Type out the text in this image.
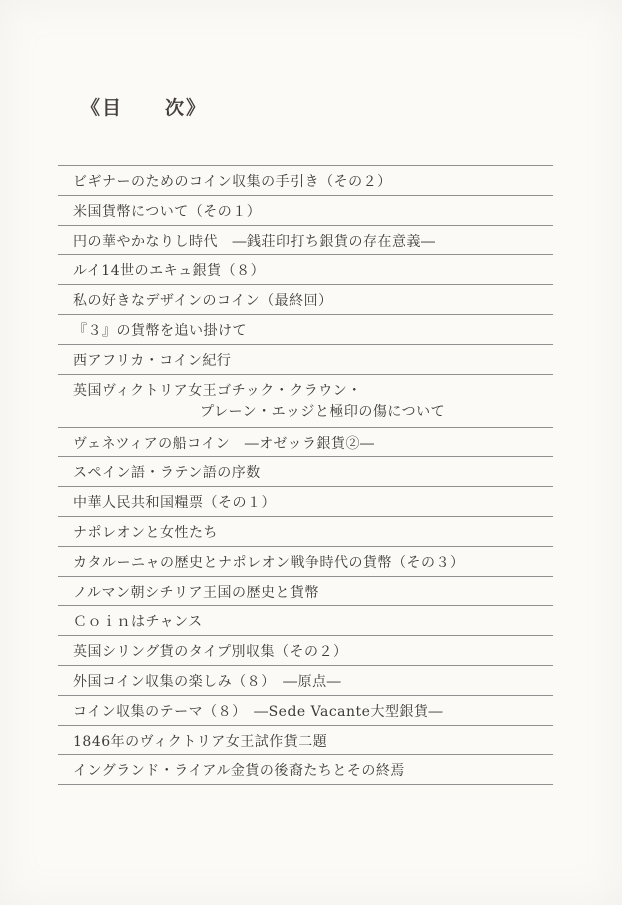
《目　　次》
ビギナーのためのコイン収集の手引き（その２）
米国貨幣について（その１）
円の華やかなりし時代　―銭荘印打ち銀貨の存在意義―
ルイ14世のエキュ銀貨（８）
私の好きなデザインのコイン（最終回）
『３』の貨幣を追い掛けて
西アフリカ・コイン紀行
英国ヴィクトリア女王ゴチック・クラウン・
プレーン・エッジと極印の傷について
ヴェネツィアの船コイン　―オゼッラ銀貨②―
スペイン語・ラテン語の序数
中華人民共和国糧票（その１）
ナポレオンと女性たち
カタルーニャの歴史とナポレオン戦争時代の貨幣（その３）
ノルマン朝シチリア王国の歴史と貨幣
Ｃｏｉｎはチャンス
英国シリング貨のタイプ別収集（その２）
外国コイン収集の楽しみ（８）　―原点―
コイン収集のテーマ（８）　―Sede Vacante大型銀貨―
1846年のヴィクトリア女王試作貨二題
イングランド・ライアル金貨の後裔たちとその終焉
